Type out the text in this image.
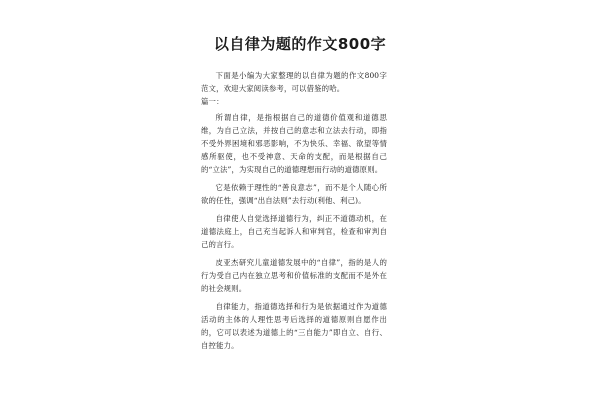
以自律为题的作文800字

下面是小编为大家整理的以自律为题的作文800字范文，欢迎大家阅读参考，可以借鉴的哈。

篇一：

所谓自律，是指根据自己的道德价值观和道德思维，为自己立法，并按自己的意志和立法去行动，即指不受外界困境和邪恶影响，不为快乐、幸福、欲望等情感所驱使，也不受神意、天命的支配，而是根据自己的“立法”，为实现自己的道德理想而行动的道德原则。

它是依赖于理性的“善良意志”，而不是个人随心所欲的任性，强调“出自法则”去行动(利他、利己)。

自律使人自觉选择道德行为，纠正不道德动机，在道德法庭上，自己充当起诉人和审判官，检查和审判自己的言行。

皮亚杰研究儿童道德发展中的“自律”，指的是人的行为受自己内在独立思考和价值标准的支配而不是外在的社会规则。

自律能力，指道德选择和行为是依据通过作为道德活动的主体的人理性思考后选择的道德原则自愿作出的，它可以表述为道德上的“三自能力”即自立、自行、自控能力。
